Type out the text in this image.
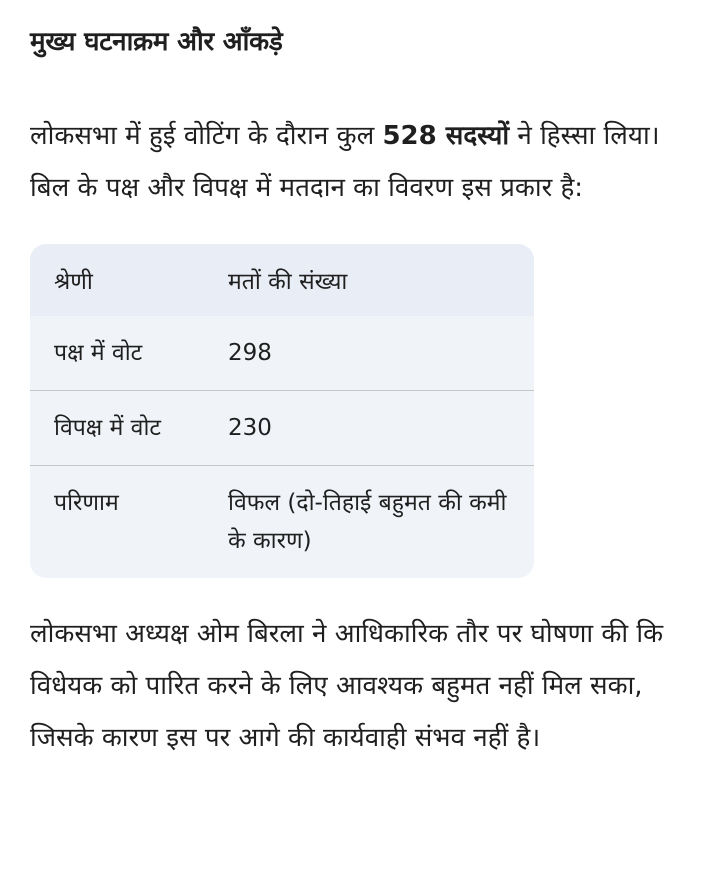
मुख्य घटनाक्रम और आँकड़े

लोकसभा में हुई वोटिंग के दौरान कुल 528 सदस्यों ने हिस्सा लिया। बिल के पक्ष और विपक्ष में मतदान का विवरण इस प्रकार है:

श्रेणी	मतों की संख्या
पक्ष में वोट	298
विपक्ष में वोट	230
परिणाम	विफल (दो-तिहाई बहुमत की कमी के कारण)

लोकसभा अध्यक्ष ओम बिरला ने आधिकारिक तौर पर घोषणा की कि विधेयक को पारित करने के लिए आवश्यक बहुमत नहीं मिल सका, जिसके कारण इस पर आगे की कार्यवाही संभव नहीं है।
